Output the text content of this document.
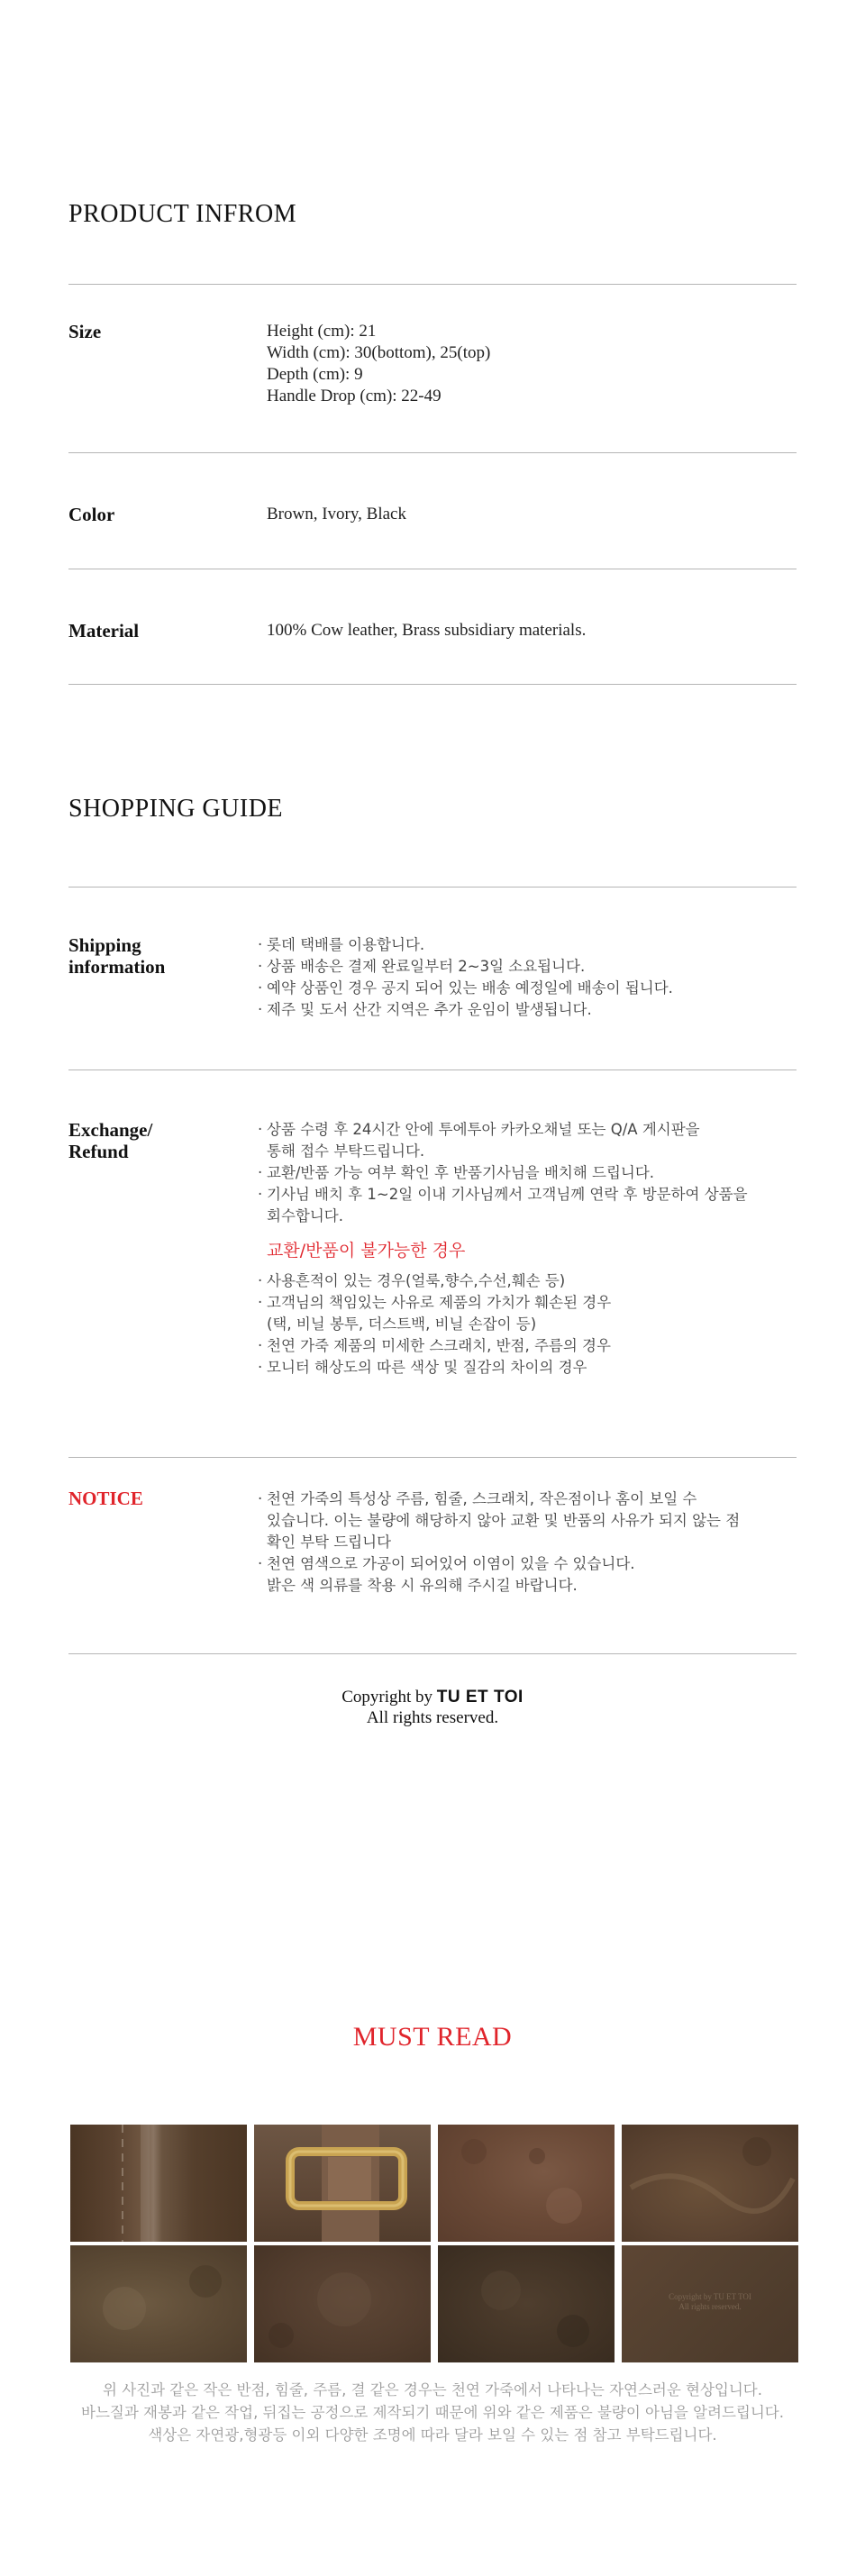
PRODUCT INFROM
Size	Height (cm): 21
Width (cm): 30(bottom), 25(top)
Depth (cm): 9
Handle Drop (cm): 22-49
Color	Brown, Ivory, Black
Material	100% Cow leather, Brass subsidiary materials.
SHOPPING GUIDE
Shipping information
· 롯데 택배를 이용합니다.
· 상품 배송은 결제 완료일부터 2~3일 소요됩니다.
· 예약 상품인 경우 공지 되어 있는 배송 예정일에 배송이 됩니다.
· 제주 및 도서 산간 지역은 추가 운임이 발생됩니다.
Exchange/ Refund
· 상품 수령 후 24시간 안에 투에투아 카카오채널 또는 Q/A 게시판을
통해 접수 부탁드립니다.
· 교환/반품 가능 여부 확인 후 반품기사님을 배치해 드립니다.
· 기사님 배치 후 1~2일 이내 기사님께서 고객님께 연락 후 방문하여 상품을
회수합니다.
교환/반품이 불가능한 경우
· 사용흔적이 있는 경우(얼룩,향수,수선,훼손 등)
· 고객님의 책임있는 사유로 제품의 가치가 훼손된 경우
(택, 비닐 봉투, 더스트백, 비닐 손잡이 등)
· 천연 가죽 제품의 미세한 스크래치, 반점, 주름의 경우
· 모니터 해상도의 따른 색상 및 질감의 차이의 경우
NOTICE
·	천연 가죽의 특성상 주름, 힘줄, 스크래치, 작은점이나 홈이 보일 수
있습니다. 이는 불량에 해당하지 않아 교환 및 반품의 사유가 되지 않는 점
확인 부탁 드립니다
· 천연 염색으로 가공이 되어있어 이염이 있을 수 있습니다.
밝은 색 의류를 착용 시 유의해 주시길 바랍니다.
Copyright by TU ET TOI
All rights reserved.
MUST READ
Copyright by TU ET TOI
All rights reserved.
위 사진과 같은 작은 반점, 힘줄, 주름, 결 같은 경우는 천연 가죽에서 나타나는 자연스러운 현상입니다.
바느질과 재봉과 같은 작업, 뒤집는 공정으로 제작되기 때문에 위와 같은 제품은 불량이 아님을 알려드립니다.
색상은 자연광,형광등 이외 다양한 조명에 따라 달라 보일 수 있는 점 참고 부탁드립니다.
